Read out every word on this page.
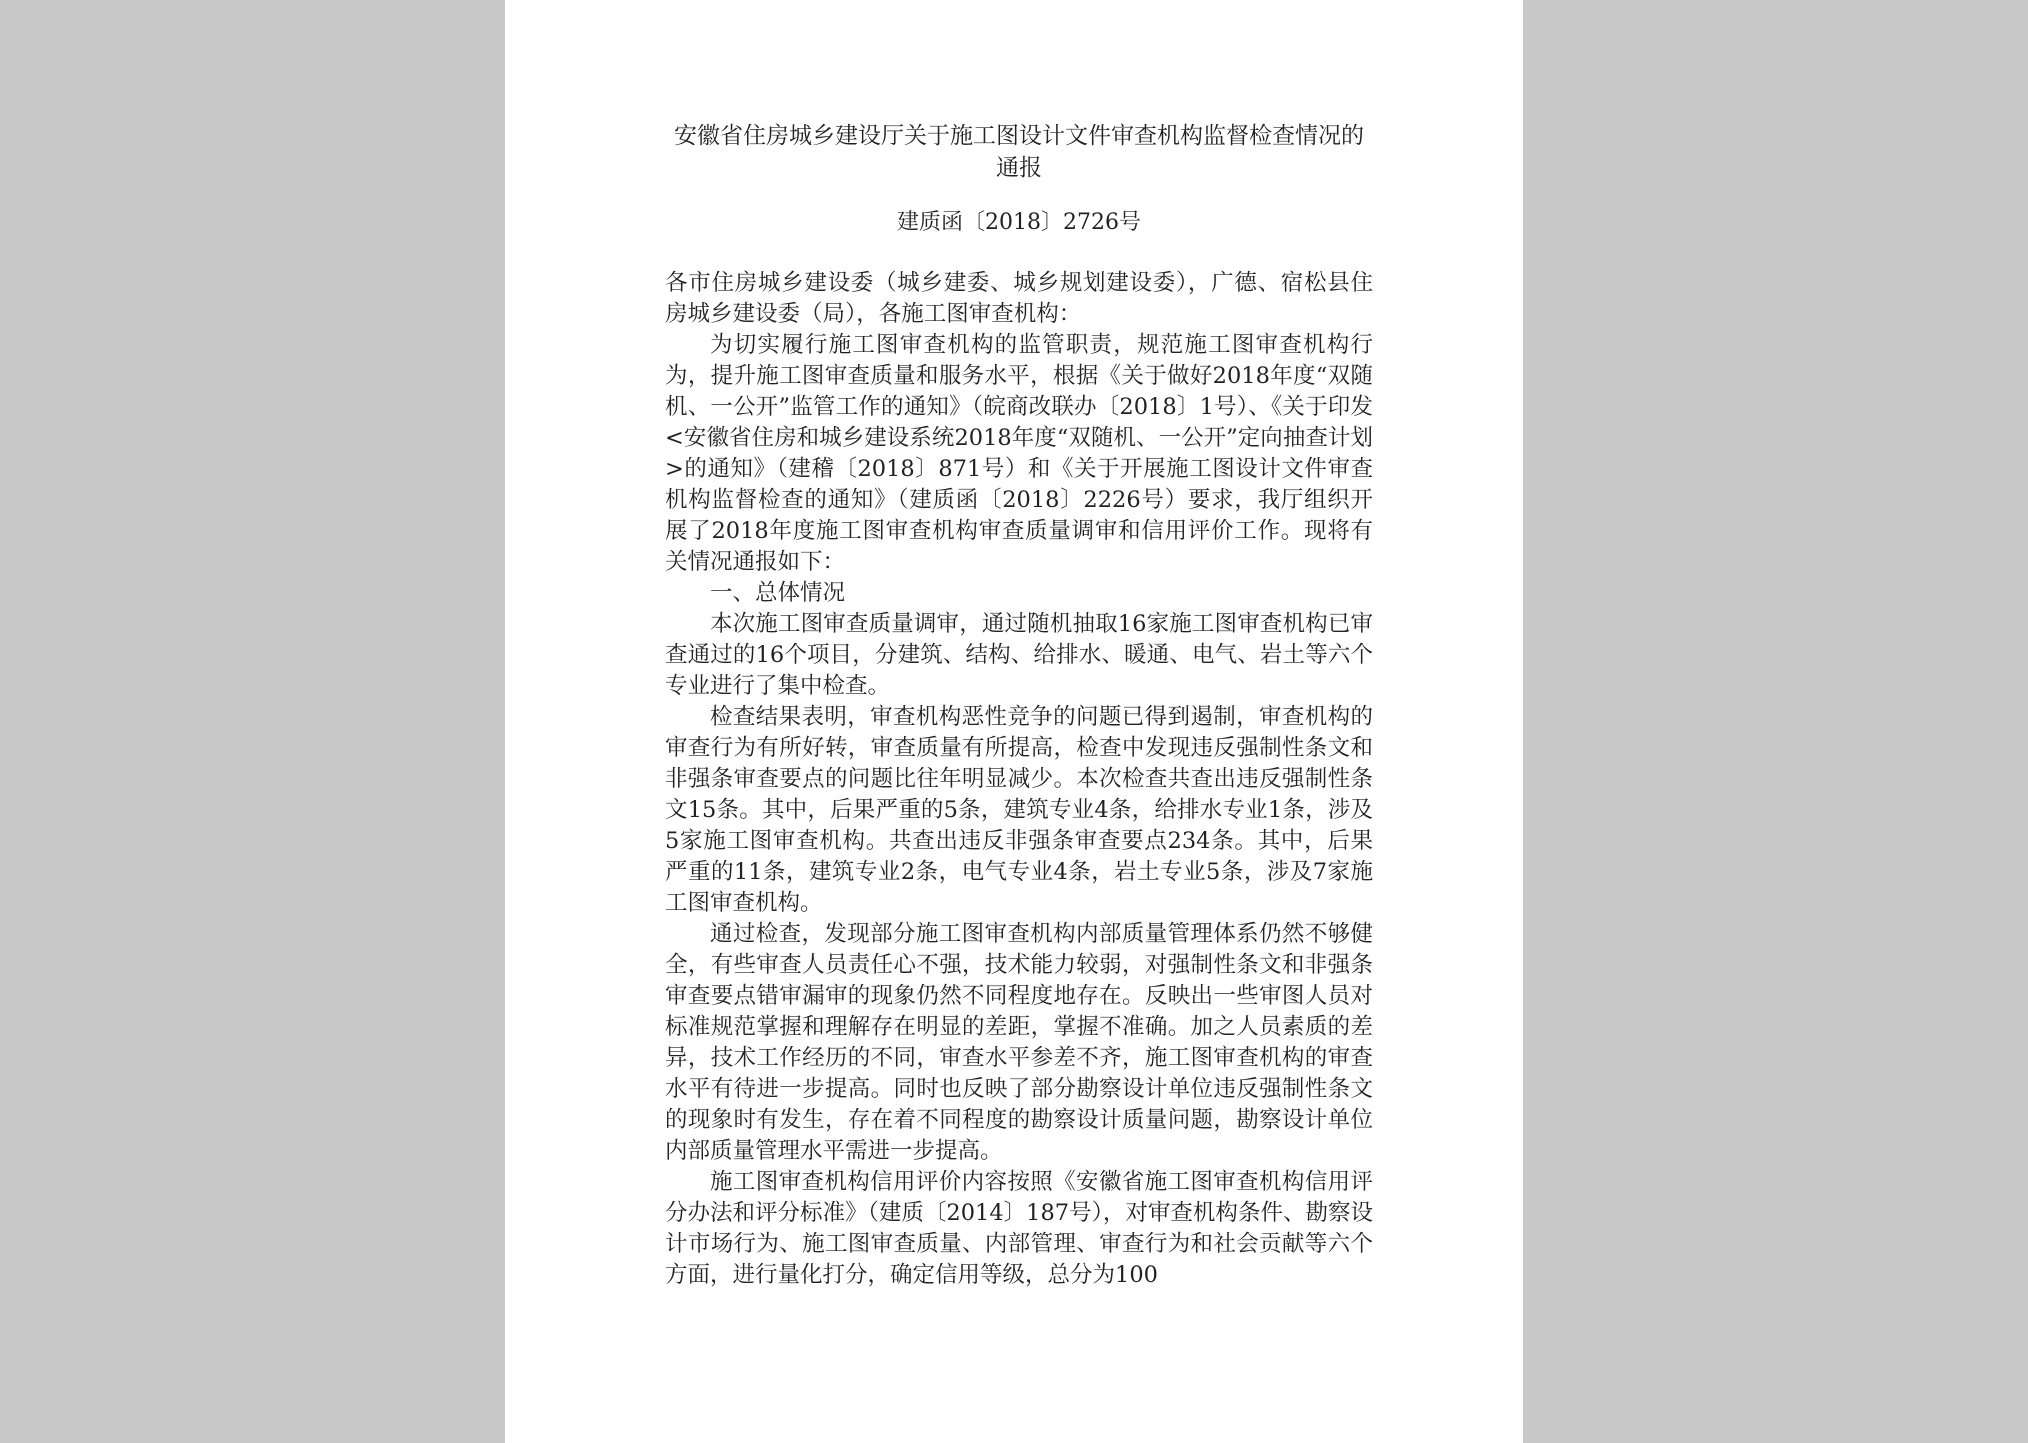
安徽省住房城乡建设厅关于施工图设计文件审查机构监督检查情况的通报
建质函〔2018〕2726号

各市住房城乡建设委（城乡建委、城乡规划建设委），广德、宿松县住房城乡建设委（局），各施工图审查机构：

为切实履行施工图审查机构的监管职责，规范施工图审查机构行为，提升施工图审查质量和服务水平，根据《关于做好2018年度“双随机、一公开”监管工作的通知》（皖商改联办〔2018〕1号）、《关于印发<安徽省住房和城乡建设系统2018年度“双随机、一公开”定向抽查计划>的通知》（建稽〔2018〕871号）和《关于开展施工图设计文件审查机构监督检查的通知》（建质函〔2018〕2226号）要求，我厅组织开展了2018年度施工图审查机构审查质量调审和信用评价工作。现将有关情况通报如下：

一、总体情况

本次施工图审查质量调审，通过随机抽取16家施工图审查机构已审查通过的16个项目，分建筑、结构、给排水、暖通、电气、岩土等六个专业进行了集中检查。

检查结果表明，审查机构恶性竞争的问题已得到遏制，审查机构的审查行为有所好转，审查质量有所提高，检查中发现违反强制性条文和非强条审查要点的问题比往年明显减少。本次检查共查出违反强制性条文15条。其中，后果严重的5条，建筑专业4条，给排水专业1条，涉及5家施工图审查机构。共查出违反非强条审查要点234条。其中，后果严重的11条，建筑专业2条，电气专业4条，岩土专业5条，涉及7家施工图审查机构。

通过检查，发现部分施工图审查机构内部质量管理体系仍然不够健全，有些审查人员责任心不强，技术能力较弱，对强制性条文和非强条审查要点错审漏审的现象仍然不同程度地存在。反映出一些审图人员对标准规范掌握和理解存在明显的差距，掌握不准确。加之人员素质的差异，技术工作经历的不同，审查水平参差不齐，施工图审查机构的审查水平有待进一步提高。同时也反映了部分勘察设计单位违反强制性条文的现象时有发生，存在着不同程度的勘察设计质量问题，勘察设计单位内部质量管理水平需进一步提高。

施工图审查机构信用评价内容按照《安徽省施工图审查机构信用评分办法和评分标准》（建质〔2014〕187号），对审查机构条件、勘察设计市场行为、施工图审查质量、内部管理、审查行为和社会贡献等六个方面，进行量化打分，确定信用等级，总分为100
